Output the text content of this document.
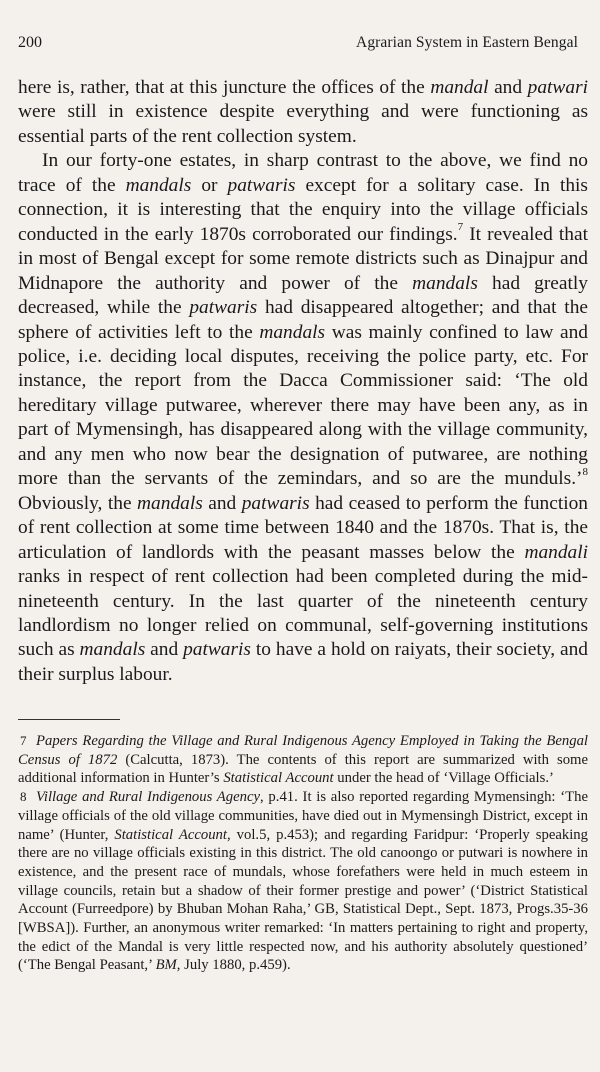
200	Agrarian System in Eastern Bengal

here is, rather, that at this juncture the offices of the mandal and patwari were still in existence despite everything and were functioning as essential parts of the rent collection system.

In our forty-one estates, in sharp contrast to the above, we find no trace of the mandals or patwaris except for a solitary case. In this connection, it is interesting that the enquiry into the village officials conducted in the early 1870s corroborated our findings.$^7$ It revealed that in most of Bengal except for some remote districts such as Dinajpur and Midnapore the authority and power of the mandals had greatly decreased, while the patwaris had disappeared altogether; and that the sphere of activities left to the mandals was mainly confined to law and police, i.e. deciding local disputes, receiving the police party, etc. For instance, the report from the Dacca Commissioner said: ‘The old hereditary village putwaree, wherever there may have been any, as in part of Mymensingh, has disappeared along with the village community, and any men who now bear the designation of putwaree, are nothing more than the servants of the zemindars, and so are the munduls.’$^8$ Obviously, the mandals and patwaris had ceased to perform the function of rent collection at some time between 1840 and the 1870s. That is, the articulation of landlords with the peasant masses below the mandali ranks in respect of rent collection had been completed during the mid-nineteenth century. In the last quarter of the nineteenth century landlordism no longer relied on communal, self-governing institutions such as mandals and patwaris to have a hold on raiyats, their society, and their surplus labour.

7 Papers Regarding the Village and Rural Indigenous Agency Employed in Taking the Bengal Census of 1872 (Calcutta, 1873). The contents of this report are summarized with some additional information in Hunter’s Statistical Account under the head of ‘Village Officials.’

8 Village and Rural Indigenous Agency, p.41. It is also reported regarding Mymensingh: ‘The village officials of the old village communities, have died out in Mymensingh District, except in name’ (Hunter, Statistical Account, vol.5, p.453); and regarding Faridpur: ‘Properly speaking there are no village officials existing in this district. The old canoongo or putwari is nowhere in existence, and the present race of mundals, whose forefathers were held in much esteem in village councils, retain but a shadow of their former prestige and power’ (‘District Statistical Account (Furreedpore) by Bhuban Mohan Raha,’ GB, Statistical Dept., Sept. 1873, Progs.35-36 [WBSA]). Further, an anonymous writer remarked: ‘In matters pertaining to right and property, the edict of the Mandal is very little respected now, and his authority absolutely questioned’ (‘The Bengal Peasant,’ BM, July 1880, p.459).
